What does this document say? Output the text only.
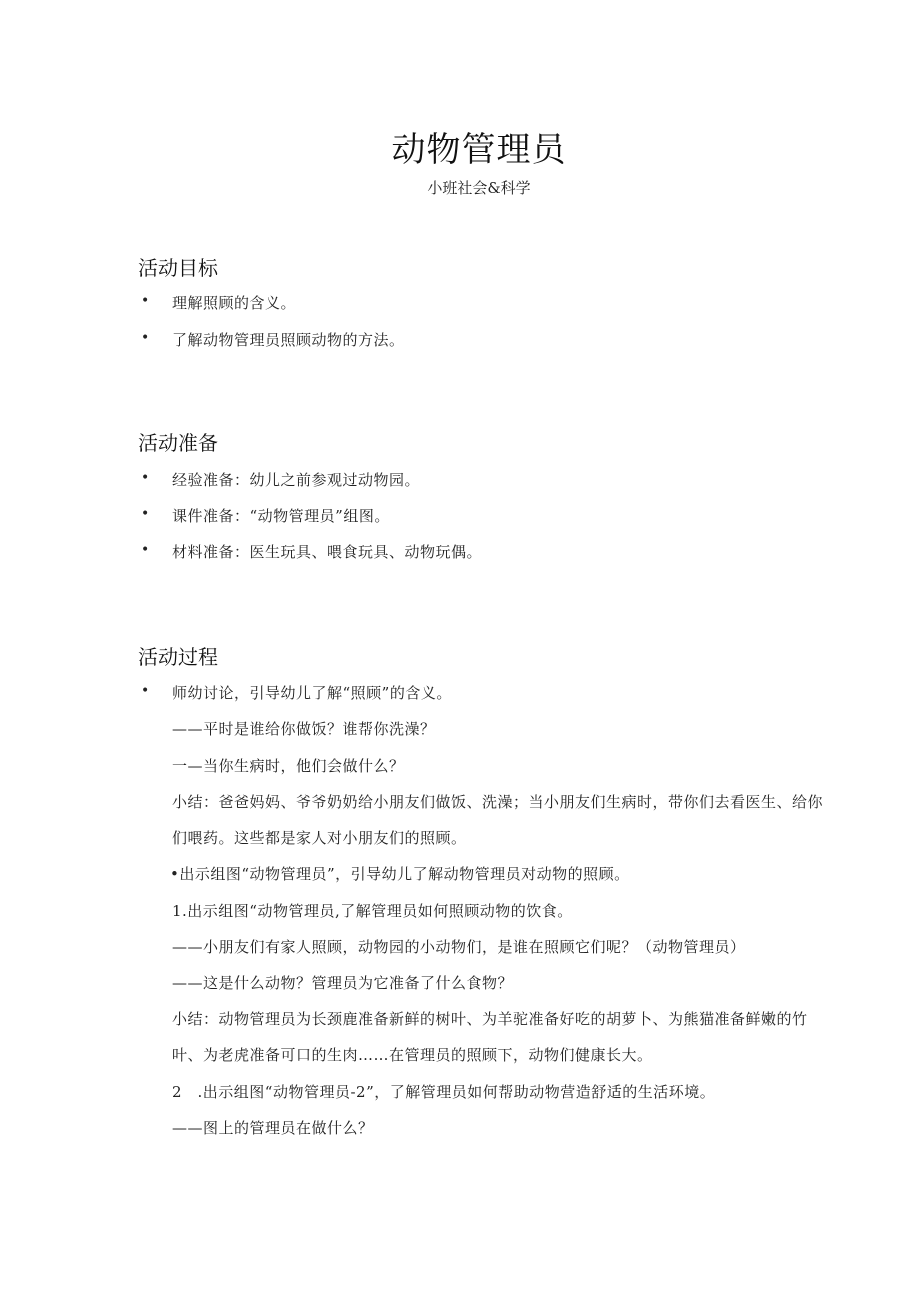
动物管理员
小班社会&科学
活动目标
• 理解照顾的含义。
• 了解动物管理员照顾动物的方法。
活动准备
• 经验准备：幼儿之前参观过动物园。
• 课件准备：“动物管理员”组图。
• 材料准备：医生玩具、喂食玩具、动物玩偶。
活动过程
• 师幼讨论，引导幼儿了解“照顾”的含义。
——平时是谁给你做饭？谁帮你洗澡？
一—当你生病时，他们会做什么？
小结：爸爸妈妈、爷爷奶奶给小朋友们做饭、洗澡；当小朋友们生病时，带你们去看医生、给你
们喂药。这些都是家人对小朋友们的照顾。
•出示组图“动物管理员”，引导幼儿了解动物管理员对动物的照顾。
1.出示组图“动物管理员,了解管理员如何照顾动物的饮食。
——小朋友们有家人照顾，动物园的小动物们，是谁在照顾它们呢？（动物管理员）
——这是什么动物？管理员为它准备了什么食物？
小结：动物管理员为长颈鹿准备新鲜的树叶、为羊驼准备好吃的胡萝卜、为熊猫准备鲜嫩的竹
叶、为老虎准备可口的生肉……在管理员的照顾下，动物们健康长大。
2　.出示组图“动物管理员-2”，了解管理员如何帮助动物营造舒适的生活环境。
——图上的管理员在做什么？
